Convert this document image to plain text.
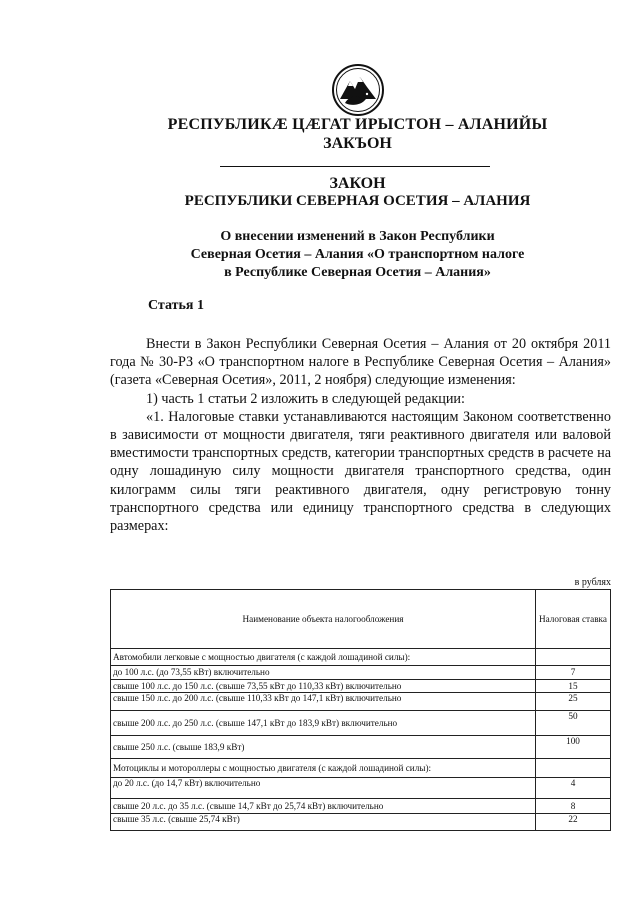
РЕСПУБЛИКÆ ЦÆГАТ ИРЫСТОН – АЛАНИЙЫ
ЗАКЪОН
ЗАКОН
РЕСПУБЛИКИ СЕВЕРНАЯ ОСЕТИЯ – АЛАНИЯ
О внесении изменений в Закон Республики
Северная Осетия – Алания «О транспортном налоге
в Республике Северная Осетия – Алания»
Статья 1

Внести в Закон Республики Северная Осетия – Алания от 20 октября 2011 года № 30-РЗ «О транспортном налоге в Республике Северная Осетия – Алания» (газета «Северная Осетия», 2011, 2 ноября) следующие изменения:

1) часть 1 статьи 2 изложить в следующей редакции:

«1. Налоговые ставки устанавливаются настоящим Законом соответственно в зависимости от мощности двигателя, тяги реактивного двигателя или валовой вместимости транспортных средств, категории транспортных средств в расчете на одну лошадиную силу мощности двигателя транспортного средства, один килограмм силы тяги реактивного двигателя, одну регистровую тонну транспортного средства или единицу транспортного средства в следующих размерах:

в рублях
Наименование объекта налогообложения	Налоговая ставка
Автомобили легковые с мощностью двигателя (с каждой лошадиной силы):	
до 100 л.с. (до 73,55 кВт) включительно	7
свыше 100 л.с. до 150 л.с. (свыше 73,55 кВт до 110,33 кВт) включительно	15
свыше 150 л.с. до 200 л.с. (свыше 110,33 кВт до 147,1 кВт) включительно	25
свыше 200 л.с. до 250 л.с. (свыше 147,1 кВт до 183,9 кВт) включительно	50
свыше 250 л.с. (свыше 183,9 кВт)	100
Мотоциклы и мотороллеры с мощностью двигателя (с каждой лошадиной силы):	
до 20 л.с. (до 14,7 кВт) включительно	4
свыше 20 л.с. до 35 л.с. (свыше 14,7 кВт до 25,74 кВт) включительно	8
свыше 35 л.с. (свыше 25,74 кВт)	22
